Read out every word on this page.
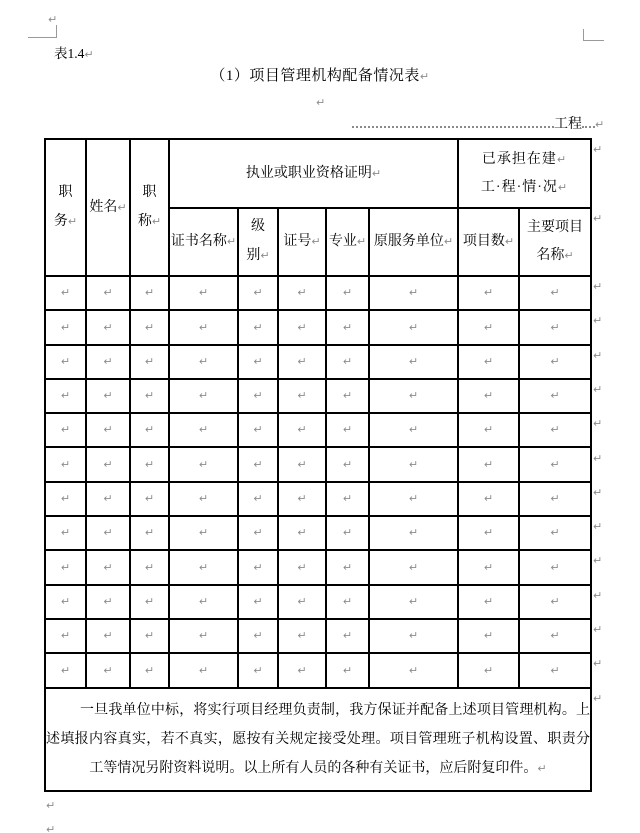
↵
表1.4↵
（1）项目管理机构配备情况表↵
↵
工程 ↵
职务↵	姓名↵	职称↵	执业或职业资格证明↵					已承担在建↵
工·程·情·况↵	

			证书名称↵	级别↵	证号↵	专业↵	原服务单位↵	项目数↵	主要项目名称↵

↵	↵	↵	↵	↵	↵	↵	↵	↵	↵
↵	↵	↵	↵	↵	↵	↵	↵	↵	↵
↵	↵	↵	↵	↵	↵	↵	↵	↵	↵
↵	↵	↵	↵	↵	↵	↵	↵	↵	↵
↵	↵	↵	↵	↵	↵	↵	↵	↵	↵
↵	↵	↵	↵	↵	↵	↵	↵	↵	↵
↵	↵	↵	↵	↵	↵	↵	↵	↵	↵
↵	↵	↵	↵	↵	↵	↵	↵	↵	↵
↵	↵	↵	↵	↵	↵	↵	↵	↵	↵
↵	↵	↵	↵	↵	↵	↵	↵	↵	↵
↵	↵	↵	↵	↵	↵	↵	↵	↵	↵
↵	↵	↵	↵	↵	↵	↵	↵	↵	↵

一旦我单位中标，将实行项目经理负责制，我方保证并配备上述项目管理机构。上
述填报内容真实，若不真实，愿按有关规定接受处理。项目管理班子机构设置、职责分
工等情况另附资料说明。以上所有人员的各种有关证书，应后附复印件。↵									
↵
↵
↵
↵
↵
↵
↵
↵
↵
↵
↵
↵
↵
↵
↵
↵
↵
